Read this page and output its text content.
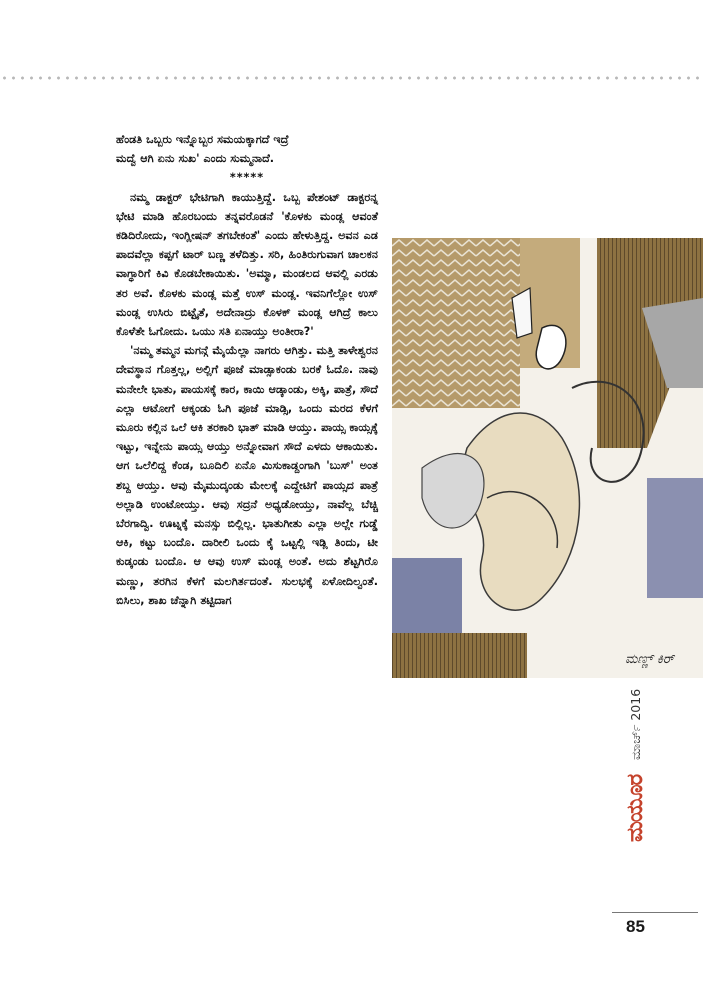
ಹೆಂಡತಿ ಒಬ್ಬರು ಇನ್ನೊಬ್ಬರ ಸಮಯಕ್ಕಾಗದೆ ಇದ್ರೆ

ಮದ್ವೆ ಆಗಿ ಏನು ಸುಖ' ಎಂದು ಸುಮ್ಮನಾದೆ.

*****

ನಮ್ಮ ಡಾಕ್ಟರ್ ಭೇಟಿಗಾಗಿ ಕಾಯುತ್ತಿದ್ದೆ. ಒಬ್ಬ ಪೇಶಂಟ್ ಡಾಕ್ಟರನ್ನ ಭೇಟಿ ಮಾಡಿ ಹೊರಬಂದು ತನ್ನವರೊಡನೆ 'ಕೊಳಕು ಮಂಡ್ಲ ಆವಂತೆ ಕಡಿದಿರೋದು, ಇಂಗ್ಲೀಷನ್ ತಗಬೇಕಂತೆ' ಎಂದು ಹೇಳುತ್ತಿದ್ದ. ಅವನ ಎಡ ಪಾದವೆಲ್ಲಾ ಕಪ್ಪಗೆ ಟಾರ್ ಬಣ್ಣ ತಳೆದಿತ್ತು. ಸರಿ, ಹಿಂತಿರುಗುವಾಗ ಚಾಲಕನ ವಾಗ್ಧಾರಿಗೆ ಕಿವಿ ಕೊಡಬೇಕಾಯಿತು. 'ಅಮ್ಮಾ, ಮಂಡಲದ ಆವಲ್ಲಿ ಎರಡು ತರ ಅವೆ. ಕೊಳಕು ಮಂಡ್ಲ ಮತ್ತೆ ಉಸ್ ಮಂಡ್ಲ. ಇವನಿಗೆಲ್ಲೋ ಉಸ್ ಮಂಡ್ಲ ಉಸಿರು ಬಿಟ್ಟೈತೆ, ಅದೇನಾದ್ರು ಕೊಳಕ್ ಮಂಡ್ಲ ಆಗಿದ್ರೆ ಕಾಲು ಕೊಳೆತೇ ಓಗೋದು. ಒಯು ಸತಿ ಏನಾಯ್ತು ಅಂತೀರಾ?'

'ನಮ್ಮ ತಮ್ಮನ ಮಗನ್ಗೆ ಮೈಯೆಲ್ಲಾ ನಾಗರು ಆಗಿತ್ತು. ಮತ್ತಿ ತಾಳೇಶ್ವರನ ದೇವಸ್ಥಾನ ಗೊತ್ತಲ್ಲ, ಅಲ್ಲಿಗೆ ಪೂಜೆ ಮಾಡ್ಸಾಕಂಡು ಬರಕೆ ಓದೊ. ನಾವು ಮನೇಲೇ ಭಾತು, ಪಾಯಸಕ್ಕೆ ಕಾರ, ಕಾಯಿ ಆಡ್ಕಾಂಡು, ಅಕ್ಕಿ, ಪಾತ್ರೆ, ಸೌದೆ ಎಲ್ಲಾ ಆಟೋಗೆ ಆಕ್ಕಂಡು ಓಗಿ ಪೂಜೆ ಮಾಡ್ಸಿ, ಒಂದು ಮರದ ಕೆಳಗೆ ಮೂರು ಕಲ್ಲಿನ ಒಲೆ ಆಕಿ ತರಕಾರಿ ಭಾತ್ ಮಾಡಿ ಆಯ್ತು. ಪಾಯ್ಸ ಕಾಯ್ಸಕ್ಕೆ ಇಟ್ಟು, ಇನ್ನೇನು ಪಾಯ್ಸ ಆಯ್ತು ಅನ್ನೋವಾಗ ಸೌದೆ ಎಳದು ಆಕಾಯಿತು. ಆಗ ಒಲೆಲಿದ್ದ ಕೆಂಡ, ಬೂದಿಲಿ ಏನೊ ಮಿಸುಕಾಡ್ದಂಗಾಗಿ 'ಬುಸ್' ಅಂತ ಶಬ್ದ ಆಯ್ತು. ಆವು ಮೈಮುದ್ಕಂಡು ಮೇಲಕ್ಕೆ ಎದ್ದೇಟಿಗೆ ಪಾಯ್ಸದ ಪಾತ್ರೆ ಅಲ್ಲಾಡಿ ಉಂಟೋಯ್ತು. ಆವು ಸದ್ರನೆ ಅಧ್ಯಡೋಯ್ತು, ನಾವೆಲ್ಲ ಬೆಚ್ಚಿ ಬೆರಗಾದ್ವಿ. ಊಟ್ನಕ್ಕೆ ಮನಸ್ಸು ಬಿಲ್ಲಿಲ್ಲ. ಭಾತುಗೀತು ಎಲ್ಲಾ ಅಲ್ಲೇ ಗುಡ್ಡೆ ಆಕಿ, ಕಟ್ಟು ಬಂದೊ. ದಾರೀಲಿ ಒಂದು ಕೈ ಒಟ್ಟಲ್ಲಿ ಇಡ್ಲಿ ತಿಂದು, ಟೀ ಕುಡ್ಕಂಡು ಬಂದೊ. ಆ ಆವು ಉಸ್ ಮಂಡ್ಲ ಅಂತೆ. ಅದು ಶೆಟ್ಟಗಿರೊ ಮಣ್ಣು, ತರಗಿನ ಕೆಳಗೆ ಮಲಗಿರ್ತದಂತೆ. ಸುಲಭಕ್ಕೆ ಏಳೋದಿಲ್ವಂತೆ. ಬಿಸಿಲು, ಶಾಖ ಚೆನ್ನಾಗಿ ತಟ್ಟಿದಾಗ

ಮಣ್ಣ್ ಕಿರ್
ಮಯೂರ
ಮಾರ್ಚ್ 2016
85
